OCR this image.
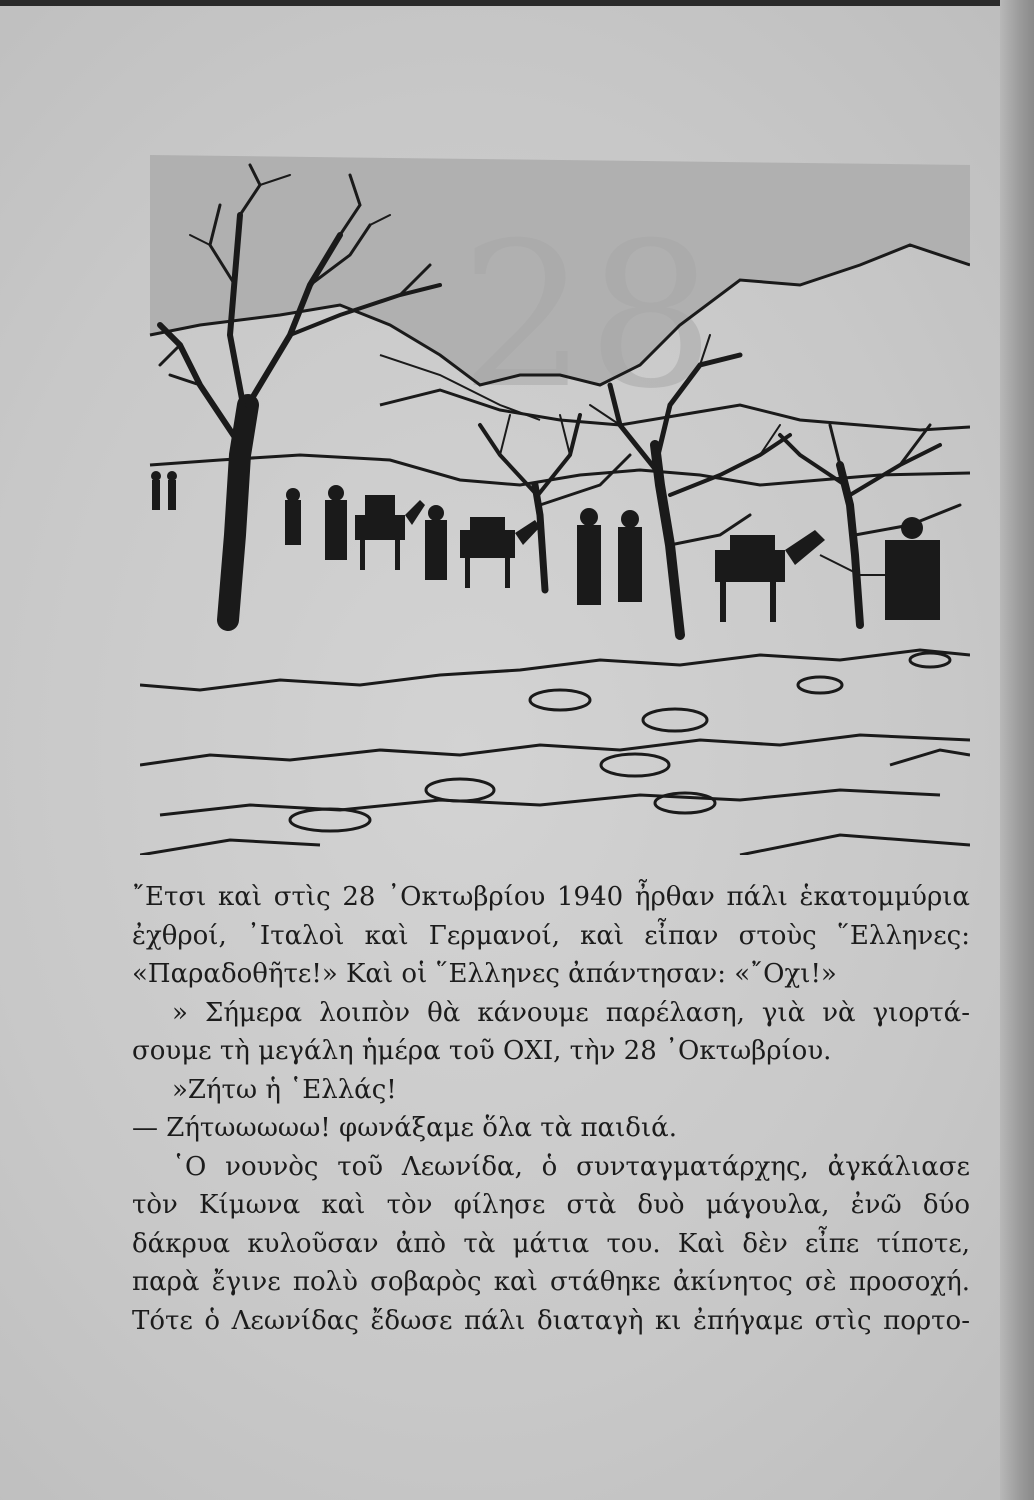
28
῎Ετσι καὶ στὶς 28 ᾿Οκτωβρίου 1940 ἦρθαν πάλι ἑκατομμύρια
ἐχθροί, ᾿Ιταλοὶ καὶ Γερμανοί, καὶ εἶπαν στοὺς ῞Ελληνες:
«Παραδοθῆτε!» Καὶ οἱ ῞Ελληνες ἀπάντησαν: «῎Οχι!»
» Σήμερα λοιπὸν θὰ κάνουμε παρέλαση, γιὰ νὰ γιορτά-
σουμε τὴ μεγάλη ἡμέρα τοῦ ΟΧΙ, τὴν 28 ᾿Οκτωβρίου.
»Ζήτω ἡ ῾Ελλάς!
— Ζήτωωωωω! φωνάξαμε ὅλα τὰ παιδιά.
῾Ο νουνὸς τοῦ Λεωνίδα, ὁ συνταγματάρχης, ἀγκάλιασε
τὸν Κίμωνα καὶ τὸν φίλησε στὰ δυὸ μάγουλα, ἐνῶ δύο
δάκρυα κυλοῦσαν ἀπὸ τὰ μάτια του. Καὶ δὲν εἶπε τίποτε,
παρὰ ἔγινε πολὺ σοβαρὸς καὶ στάθηκε ἀκίνητος σὲ προσοχή.
Τότε ὁ Λεωνίδας ἔδωσε πάλι διαταγὴ κι ἐπήγαμε στὶς πορτο-
